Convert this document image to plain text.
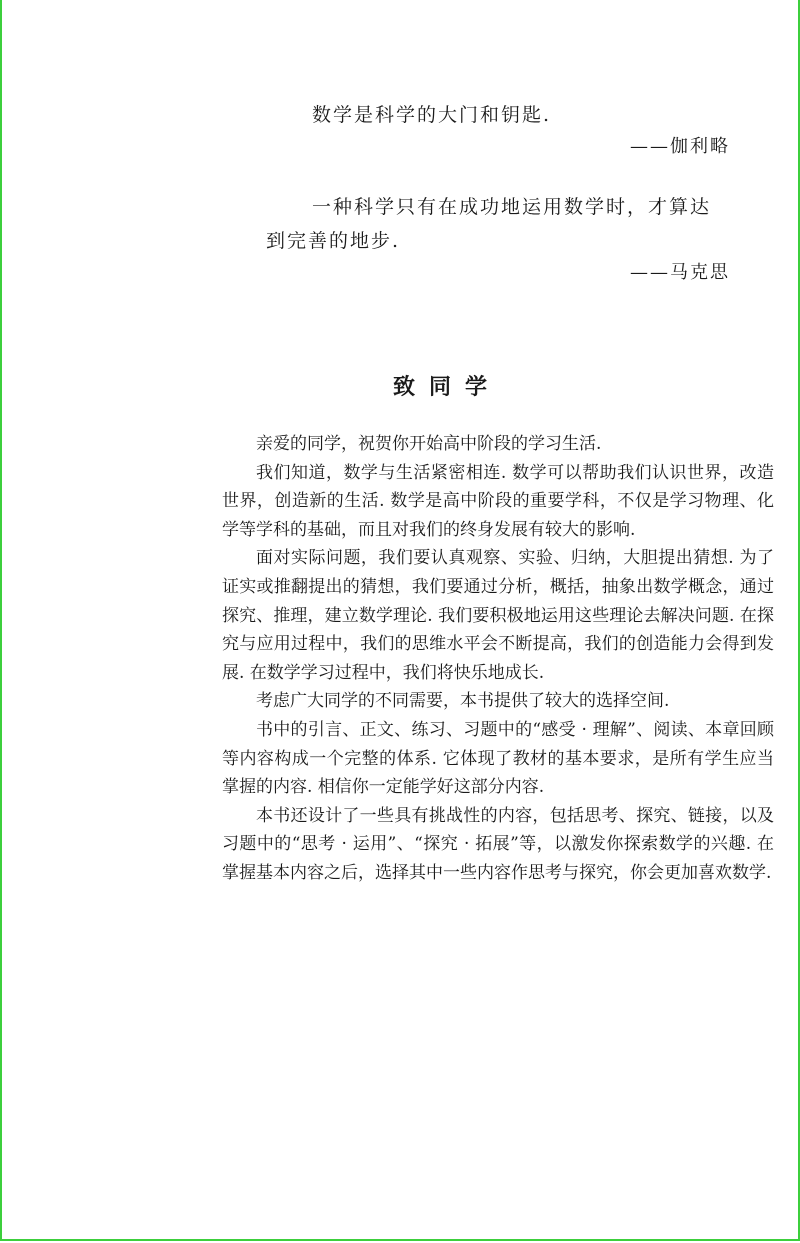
数学是科学的大门和钥匙.
——伽利略
一种科学只有在成功地运用数学时，才算达
到完善的地步.
——马克思
致同学

亲爱的同学，祝贺你开始高中阶段的学习生活.

我们知道，数学与生活紧密相连. 数学可以帮助我们认识世界，改造世界，创造新的生活. 数学是高中阶段的重要学科，不仅是学习物理、化学等学科的基础，而且对我们的终身发展有较大的影响.

面对实际问题，我们要认真观察、实验、归纳，大胆提出猜想. 为了证实或推翻提出的猜想，我们要通过分析，概括，抽象出数学概念，通过探究、推理，建立数学理论. 我们要积极地运用这些理论去解决问题. 在探究与应用过程中，我们的思维水平会不断提高，我们的创造能力会得到发展. 在数学学习过程中，我们将快乐地成长.

考虑广大同学的不同需要，本书提供了较大的选择空间.

书中的引言、正文、练习、习题中的“感受 · 理解”、阅读、本章回顾等内容构成一个完整的体系. 它体现了教材的基本要求，是所有学生应当掌握的内容. 相信你一定能学好这部分内容.

本书还设计了一些具有挑战性的内容，包括思考、探究、链接，以及习题中的“思考 · 运用”、“探究 · 拓展”等，以激发你探索数学的兴趣. 在掌握基本内容之后，选择其中一些内容作思考与探究，你会更加喜欢数学.
